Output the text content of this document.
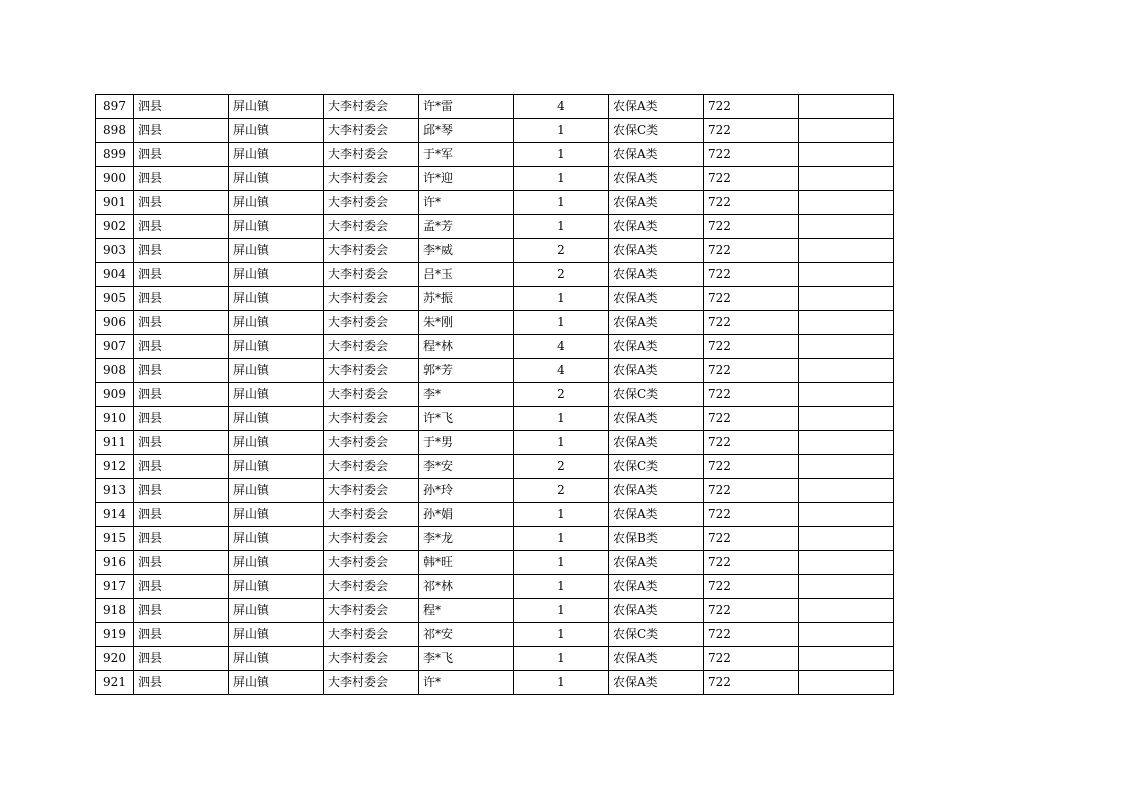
897	泗县	屏山镇	大李村委会	许*雷	4	农保A类	722	
898	泗县	屏山镇	大李村委会	邱*琴	1	农保C类	722	
899	泗县	屏山镇	大李村委会	于*军	1	农保A类	722	
900	泗县	屏山镇	大李村委会	许*迎	1	农保A类	722	
901	泗县	屏山镇	大李村委会	许*	1	农保A类	722	
902	泗县	屏山镇	大李村委会	孟*芳	1	农保A类	722	
903	泗县	屏山镇	大李村委会	李*威	2	农保A类	722	
904	泗县	屏山镇	大李村委会	吕*玉	2	农保A类	722	
905	泗县	屏山镇	大李村委会	苏*振	1	农保A类	722	
906	泗县	屏山镇	大李村委会	朱*刚	1	农保A类	722	
907	泗县	屏山镇	大李村委会	程*林	4	农保A类	722	
908	泗县	屏山镇	大李村委会	郭*芳	4	农保A类	722	
909	泗县	屏山镇	大李村委会	李*	2	农保C类	722	
910	泗县	屏山镇	大李村委会	许*飞	1	农保A类	722	
911	泗县	屏山镇	大李村委会	于*男	1	农保A类	722	
912	泗县	屏山镇	大李村委会	李*安	2	农保C类	722	
913	泗县	屏山镇	大李村委会	孙*玲	2	农保A类	722	
914	泗县	屏山镇	大李村委会	孙*娟	1	农保A类	722	
915	泗县	屏山镇	大李村委会	李*龙	1	农保B类	722	
916	泗县	屏山镇	大李村委会	韩*旺	1	农保A类	722	
917	泗县	屏山镇	大李村委会	祁*林	1	农保A类	722	
918	泗县	屏山镇	大李村委会	程*	1	农保A类	722	
919	泗县	屏山镇	大李村委会	祁*安	1	农保C类	722	
920	泗县	屏山镇	大李村委会	李*飞	1	农保A类	722	
921	泗县	屏山镇	大李村委会	许*	1	农保A类	722	
